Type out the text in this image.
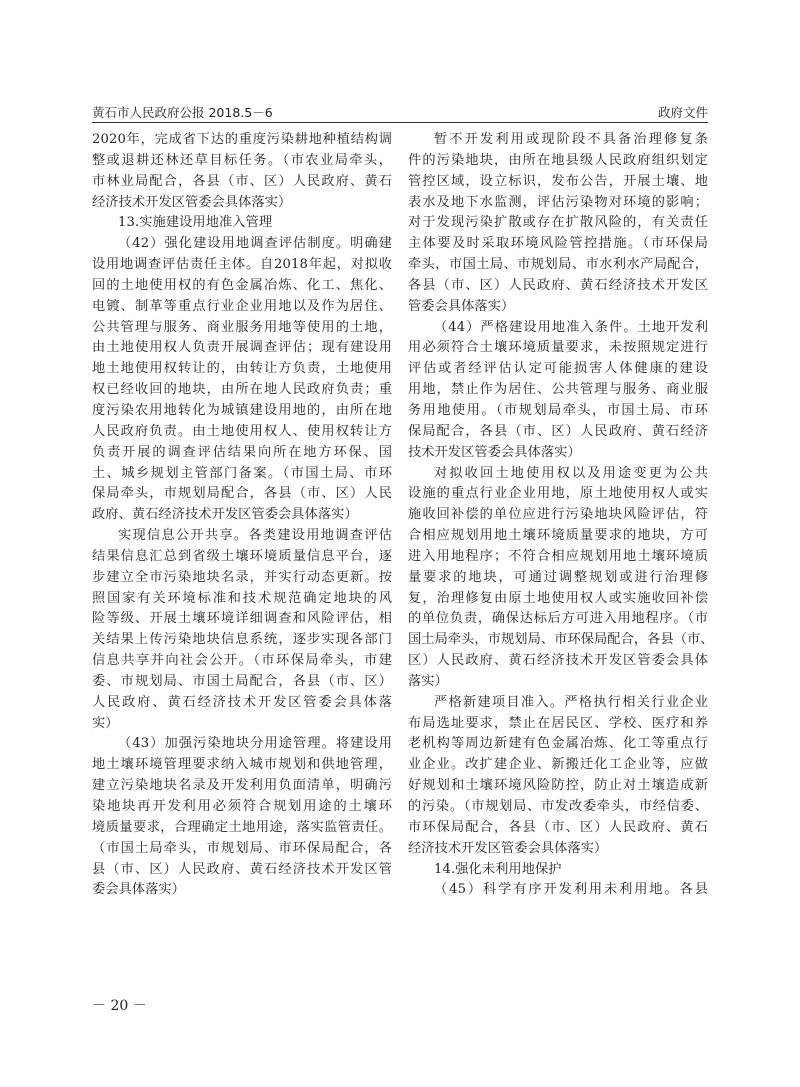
黄石市人民政府公报 2018.5－6	政府文件
2020年，完成省下达的重度污染耕地种植结构调
整或退耕还林还草目标任务。（市农业局牵头，
市林业局配合，各县（市、区）人民政府、黄石
经济技术开发区管委会具体落实）
13.实施建设用地准入管理
（42）强化建设用地调查评估制度。明确建
设用地调查评估责任主体。自2018年起，对拟收
回的土地使用权的有色金属冶炼、化工、焦化、
电镀、制革等重点行业企业用地以及作为居住、
公共管理与服务、商业服务用地等使用的土地，
由土地使用权人负责开展调查评估；现有建设用
地土地使用权转让的，由转让方负责，土地使用
权已经收回的地块，由所在地人民政府负责；重
度污染农用地转化为城镇建设用地的，由所在地
人民政府负责。由土地使用权人、使用权转让方
负责开展的调查评估结果向所在地方环保、国
土、城乡规划主管部门备案。（市国土局、市环
保局牵头，市规划局配合，各县（市、区）人民
政府、黄石经济技术开发区管委会具体落实）
实现信息公开共享。各类建设用地调查评估
结果信息汇总到省级土壤环境质量信息平台，逐
步建立全市污染地块名录，并实行动态更新。按
照国家有关环境标准和技术规范确定地块的风
险等级、开展土壤环境详细调查和风险评估，相
关结果上传污染地块信息系统，逐步实现各部门
信息共享并向社会公开。（市环保局牵头，市建
委、市规划局、市国土局配合，各县（市、区）
人民政府、黄石经济技术开发区管委会具体落
实）
（43）加强污染地块分用途管理。将建设用
地土壤环境管理要求纳入城市规划和供地管理，
建立污染地块名录及开发利用负面清单，明确污
染地块再开发利用必须符合规划用途的土壤环
境质量要求，合理确定土地用途，落实监管责任。
（市国土局牵头，市规划局、市环保局配合，各
县（市、区）人民政府、黄石经济技术开发区管
委会具体落实）
暂不开发利用或现阶段不具备治理修复条
件的污染地块，由所在地县级人民政府组织划定
管控区域，设立标识，发布公告，开展土壤、地
表水及地下水监测，评估污染物对环境的影响；
对于发现污染扩散或存在扩散风险的，有关责任
主体要及时采取环境风险管控措施。（市环保局
牵头，市国土局、市规划局、市水利水产局配合，
各县（市、区）人民政府、黄石经济技术开发区
管委会具体落实）
（44）严格建设用地准入条件。土地开发利
用必须符合土壤环境质量要求，未按照规定进行
评估或者经评估认定可能损害人体健康的建设
用地，禁止作为居住、公共管理与服务、商业服
务用地使用。（市规划局牵头，市国土局、市环
保局配合，各县（市、区）人民政府、黄石经济
技术开发区管委会具体落实）
对拟收回土地使用权以及用途变更为公共
设施的重点行业企业用地，原土地使用权人或实
施收回补偿的单位应进行污染地块风险评估，符
合相应规划用地土壤环境质量要求的地块，方可
进入用地程序；不符合相应规划用地土壤环境质
量要求的地块，可通过调整规划或进行治理修
复，治理修复由原土地使用权人或实施收回补偿
的单位负责，确保达标后方可进入用地程序。（市
国土局牵头，市规划局、市环保局配合，各县（市、
区）人民政府、黄石经济技术开发区管委会具体
落实）
严格新建项目准入。严格执行相关行业企业
布局选址要求，禁止在居民区、学校、医疗和养
老机构等周边新建有色金属冶炼、化工等重点行
业企业。改扩建企业、新搬迁化工企业等，应做
好规划和土壤环境风险防控，防止对土壤造成新
的污染。（市规划局、市发改委牵头，市经信委、
市环保局配合，各县（市、区）人民政府、黄石
经济技术开发区管委会具体落实）
14.强化未利用地保护
（45）科学有序开发利用未利用地。各县
－ 20 －
